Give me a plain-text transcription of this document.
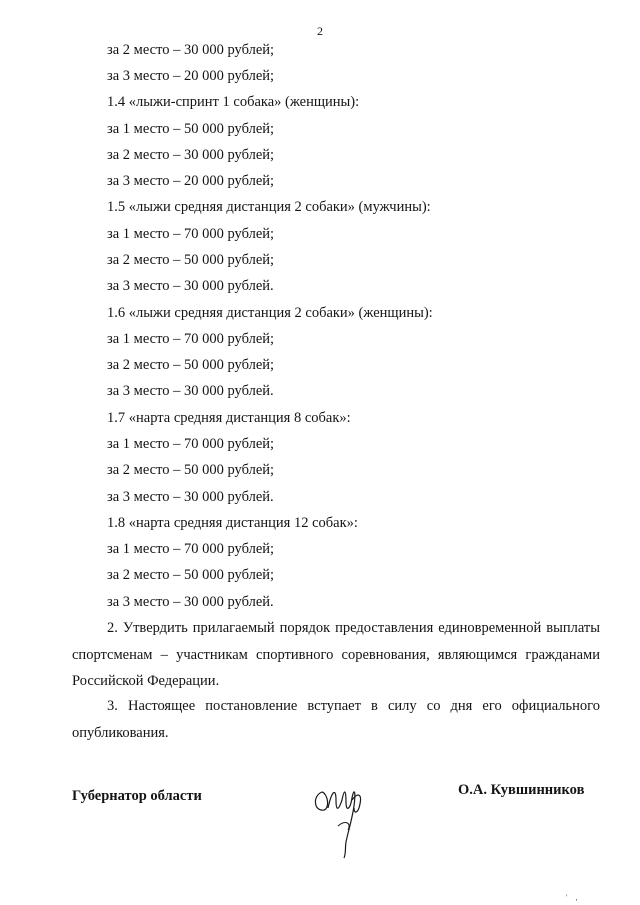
2
за 2 место – 30 000 рублей;
за 3 место – 20 000 рублей;
1.4 «лыжи-спринт 1 собака» (женщины):
за 1 место – 50 000 рублей;
за 2 место – 30 000 рублей;
за 3 место – 20 000 рублей;
1.5 «лыжи средняя дистанция 2 собаки» (мужчины):
за 1 место – 70 000 рублей;
за 2 место – 50 000 рублей;
за 3 место – 30 000 рублей.
1.6 «лыжи средняя дистанция 2 собаки» (женщины):
за 1 место – 70 000 рублей;
за 2 место – 50 000 рублей;
за 3 место – 30 000 рублей.
1.7 «нарта средняя дистанция 8 собак»:
за 1 место – 70 000 рублей;
за 2 место – 50 000 рублей;
за 3 место – 30 000 рублей.
1.8 «нарта средняя дистанция 12 собак»:
за 1 место – 70 000 рублей;
за 2 место – 50 000 рублей;
за 3 место – 30 000 рублей.
2. Утвердить прилагаемый порядок предоставления единовременной выплаты спортсменам – участникам спортивного соревнования, являющимся гражданами Российской Федерации.
3. Настоящее постановление вступает в силу со дня его официального опубликования.
Губернатор области	О.А. Кувшинников
' ,
